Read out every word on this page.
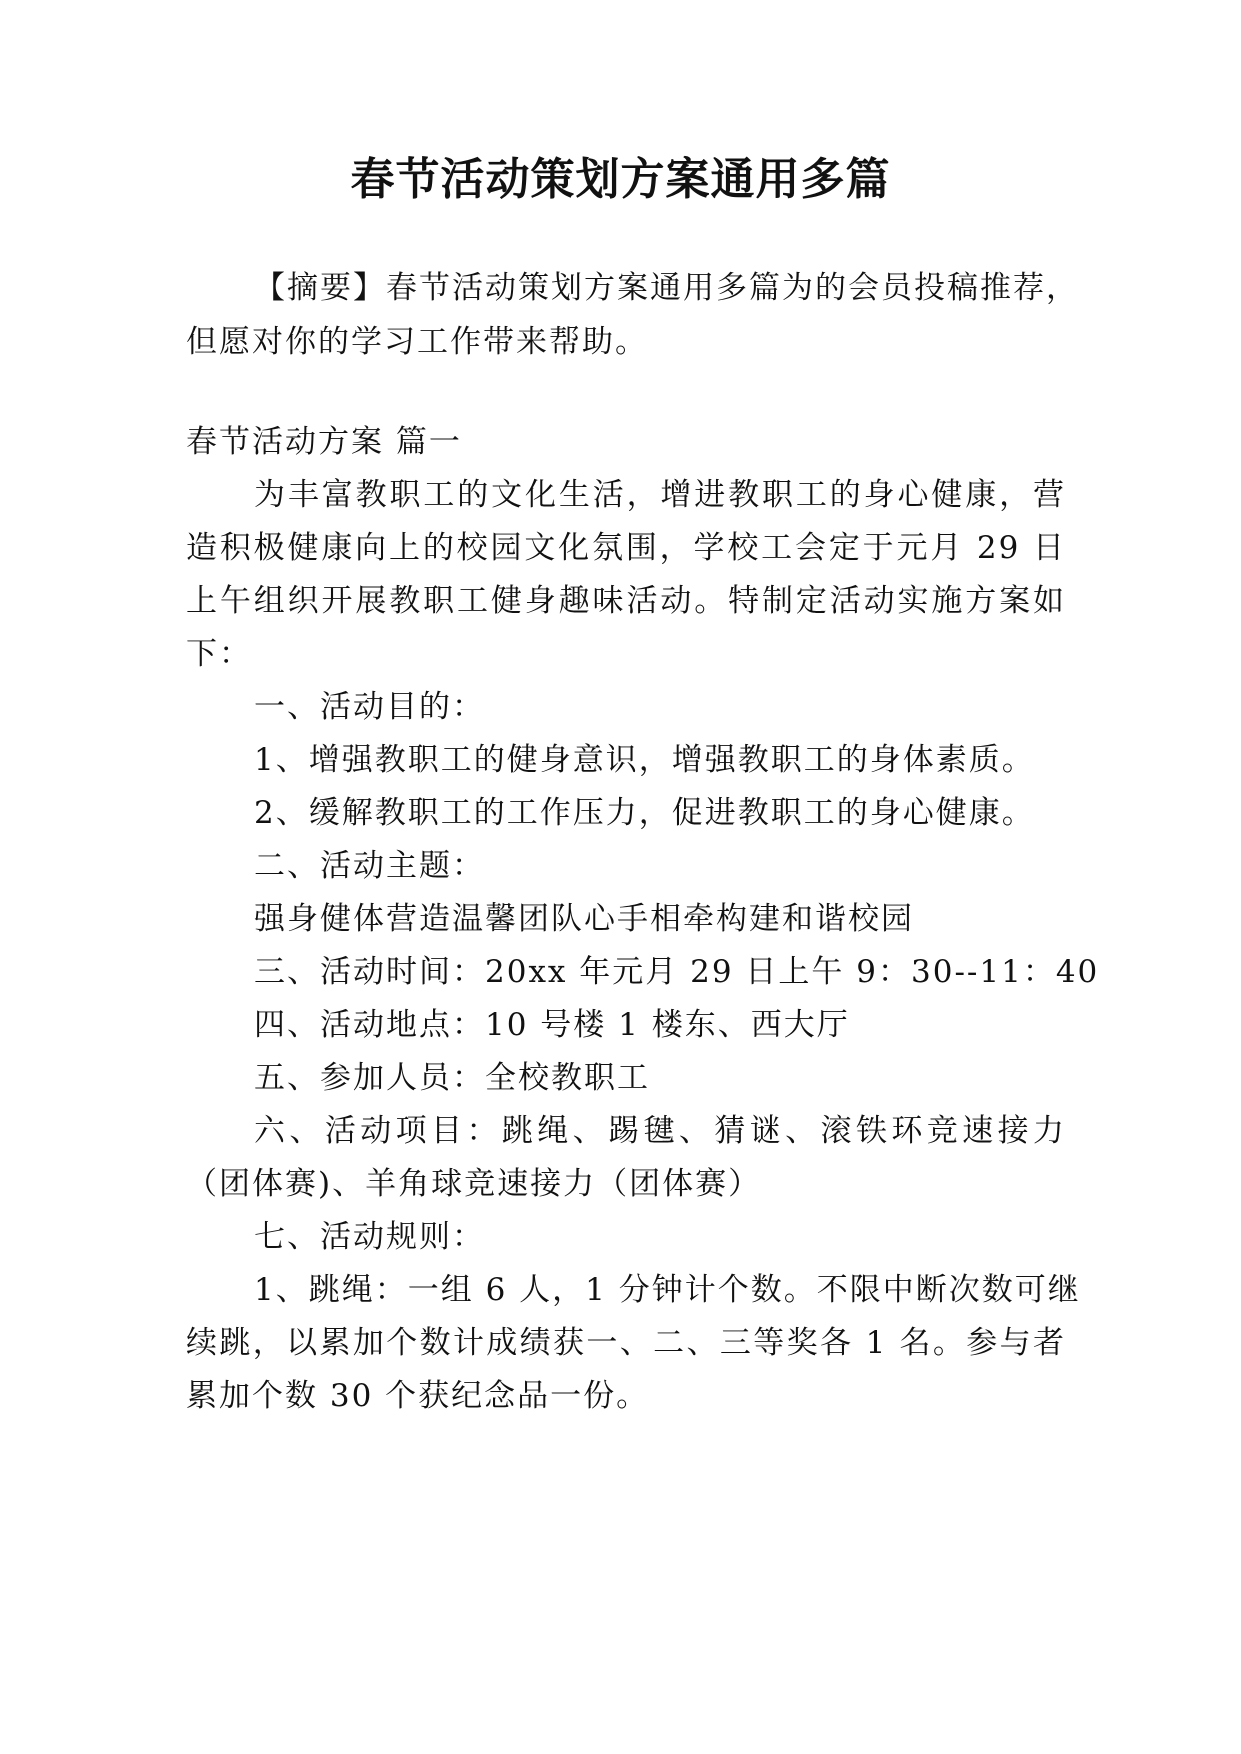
春节活动策划方案通用多篇
【摘要】春节活动策划方案通用多篇为的会员投稿推荐，
但愿对你的学习工作带来帮助。
春节活动方案 篇一
为丰富教职工的文化生活，增进教职工的身心健康，营
造积极健康向上的校园文化氛围，学校工会定于元月 29 日
上午组织开展教职工健身趣味活动。特制定活动实施方案如
下：
一、活动目的：
1、增强教职工的健身意识，增强教职工的身体素质。
2、缓解教职工的工作压力，促进教职工的身心健康。
二、活动主题：
强身健体营造温馨团队心手相牵构建和谐校园
三、活动时间：20xx 年元月 29 日上午 9：30--11：40
四、活动地点：10 号楼 1 楼东、西大厅
五、参加人员：全校教职工
六、活动项目：跳绳、踢毽、猜谜、滚铁环竞速接力
（团体赛)、羊角球竞速接力（团体赛）
七、活动规则：
1、跳绳：一组 6 人，1 分钟计个数。不限中断次数可继
续跳，以累加个数计成绩获一、二、三等奖各 1 名。参与者
累加个数 30 个获纪念品一份。
